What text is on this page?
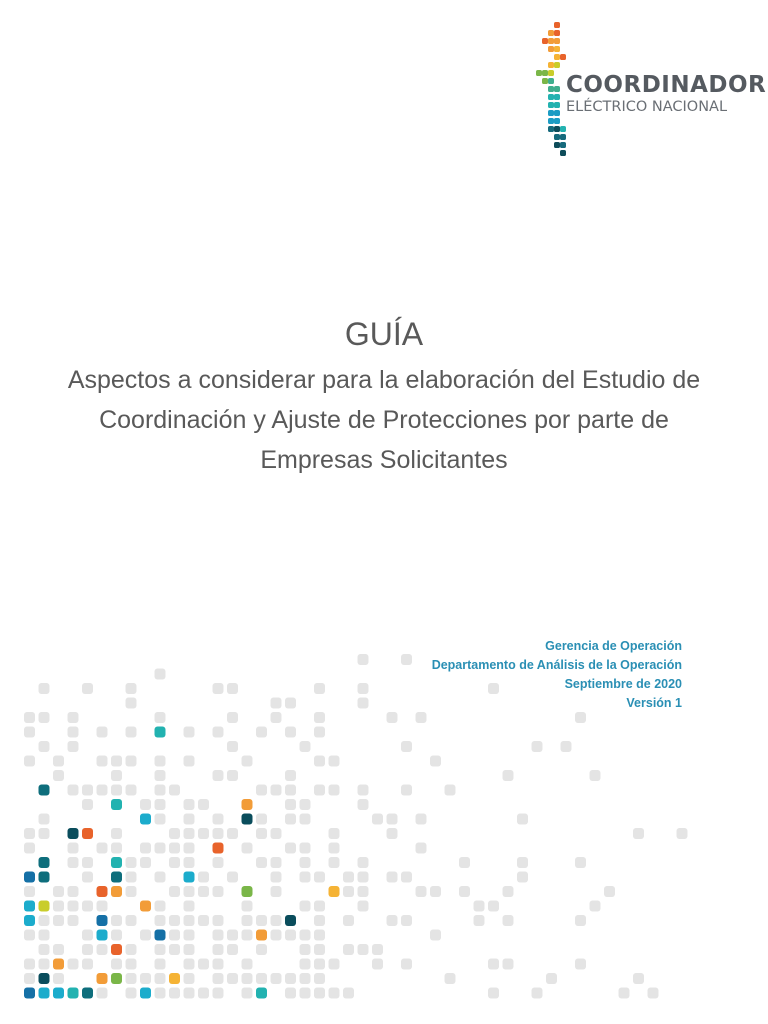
COORDINADOR
ELÉCTRICO NACIONAL
GUÍA
Aspectos a considerar para la elaboración del Estudio de Coordinación y Ajuste de Protecciones por parte de Empresas Solicitantes
Gerencia de Operación
Departamento de Análisis de la Operación
Septiembre de 2020
Versión 1
